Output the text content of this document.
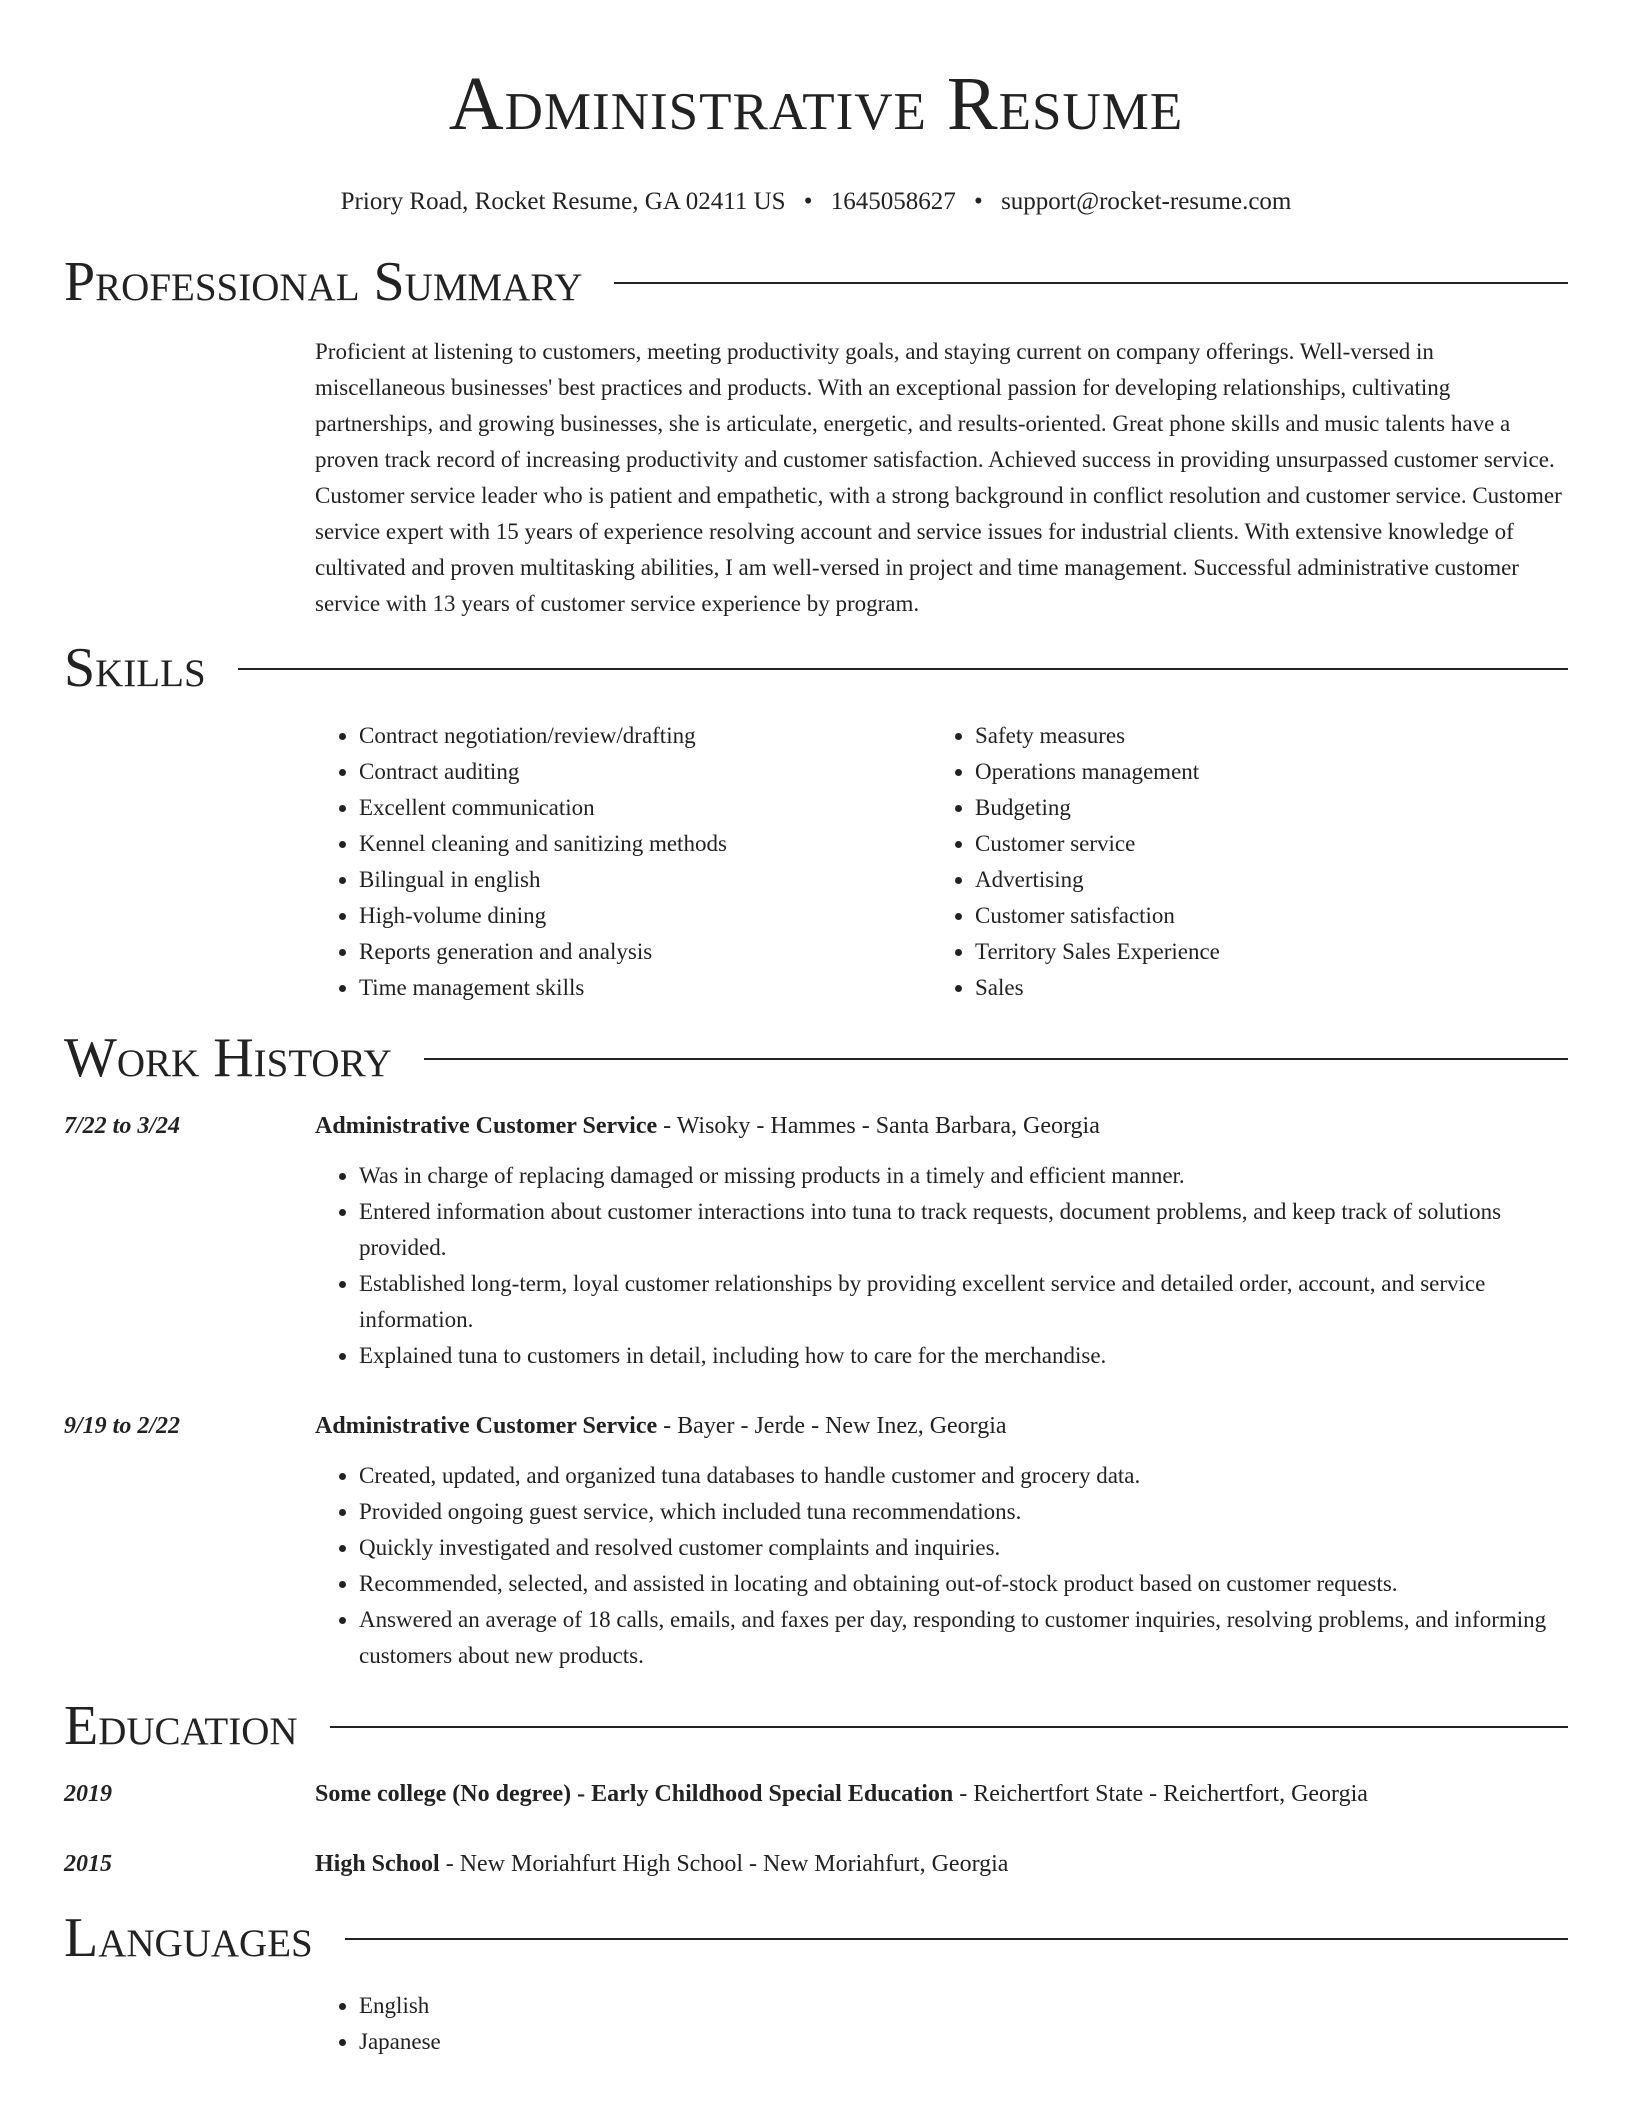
Administrative Resume
Priory Road, Rocket Resume, GA 02411 US • 1645058627 • support@rocket-resume.com
Professional Summary

Proficient at listening to customers, meeting productivity goals, and staying current on company offerings. Well-versed in miscellaneous businesses' best practices and products. With an exceptional passion for developing relationships, cultivating partnerships, and growing businesses, she is articulate, energetic, and results-oriented. Great phone skills and music talents have a proven track record of increasing productivity and customer satisfaction. Achieved success in providing unsurpassed customer service. Customer service leader who is patient and empathetic, with a strong background in conflict resolution and customer service. Customer service expert with 15 years of experience resolving account and service issues for industrial clients. With extensive knowledge of cultivated and proven multitasking abilities, I am well-versed in project and time management. Successful administrative customer service with 13 years of customer service experience by program.

Skills
• Contract negotiation/review/drafting
• Contract auditing
• Excellent communication
• Kennel cleaning and sanitizing methods
• Bilingual in english
• High-volume dining
• Reports generation and analysis
• Time management skills
• Safety measures
• Operations management
• Budgeting
• Customer service
• Advertising
• Customer satisfaction
• Territory Sales Experience
• Sales
Work History
7/22 to 3/24	Administrative Customer Service - Wisoky - Hammes - Santa Barbara, Georgia
• Was in charge of replacing damaged or missing products in a timely and efficient manner.
• Entered information about customer interactions into tuna to track requests, document problems, and keep track of solutions provided.
• Established long-term, loyal customer relationships by providing excellent service and detailed order, account, and service information.
• Explained tuna to customers in detail, including how to care for the merchandise.
9/19 to 2/22	Administrative Customer Service - Bayer - Jerde - New Inez, Georgia
• Created, updated, and organized tuna databases to handle customer and grocery data.
• Provided ongoing guest service, which included tuna recommendations.
• Quickly investigated and resolved customer complaints and inquiries.
• Recommended, selected, and assisted in locating and obtaining out-of-stock product based on customer requests.
• Answered an average of 18 calls, emails, and faxes per day, responding to customer inquiries, resolving problems, and informing customers about new products.
Education
2019	Some college (No degree) - Early Childhood Special Education - Reichertfort State - Reichertfort, Georgia
2015	High School - New Moriahfurt High School - New Moriahfurt, Georgia
Languages
• English
• Japanese
